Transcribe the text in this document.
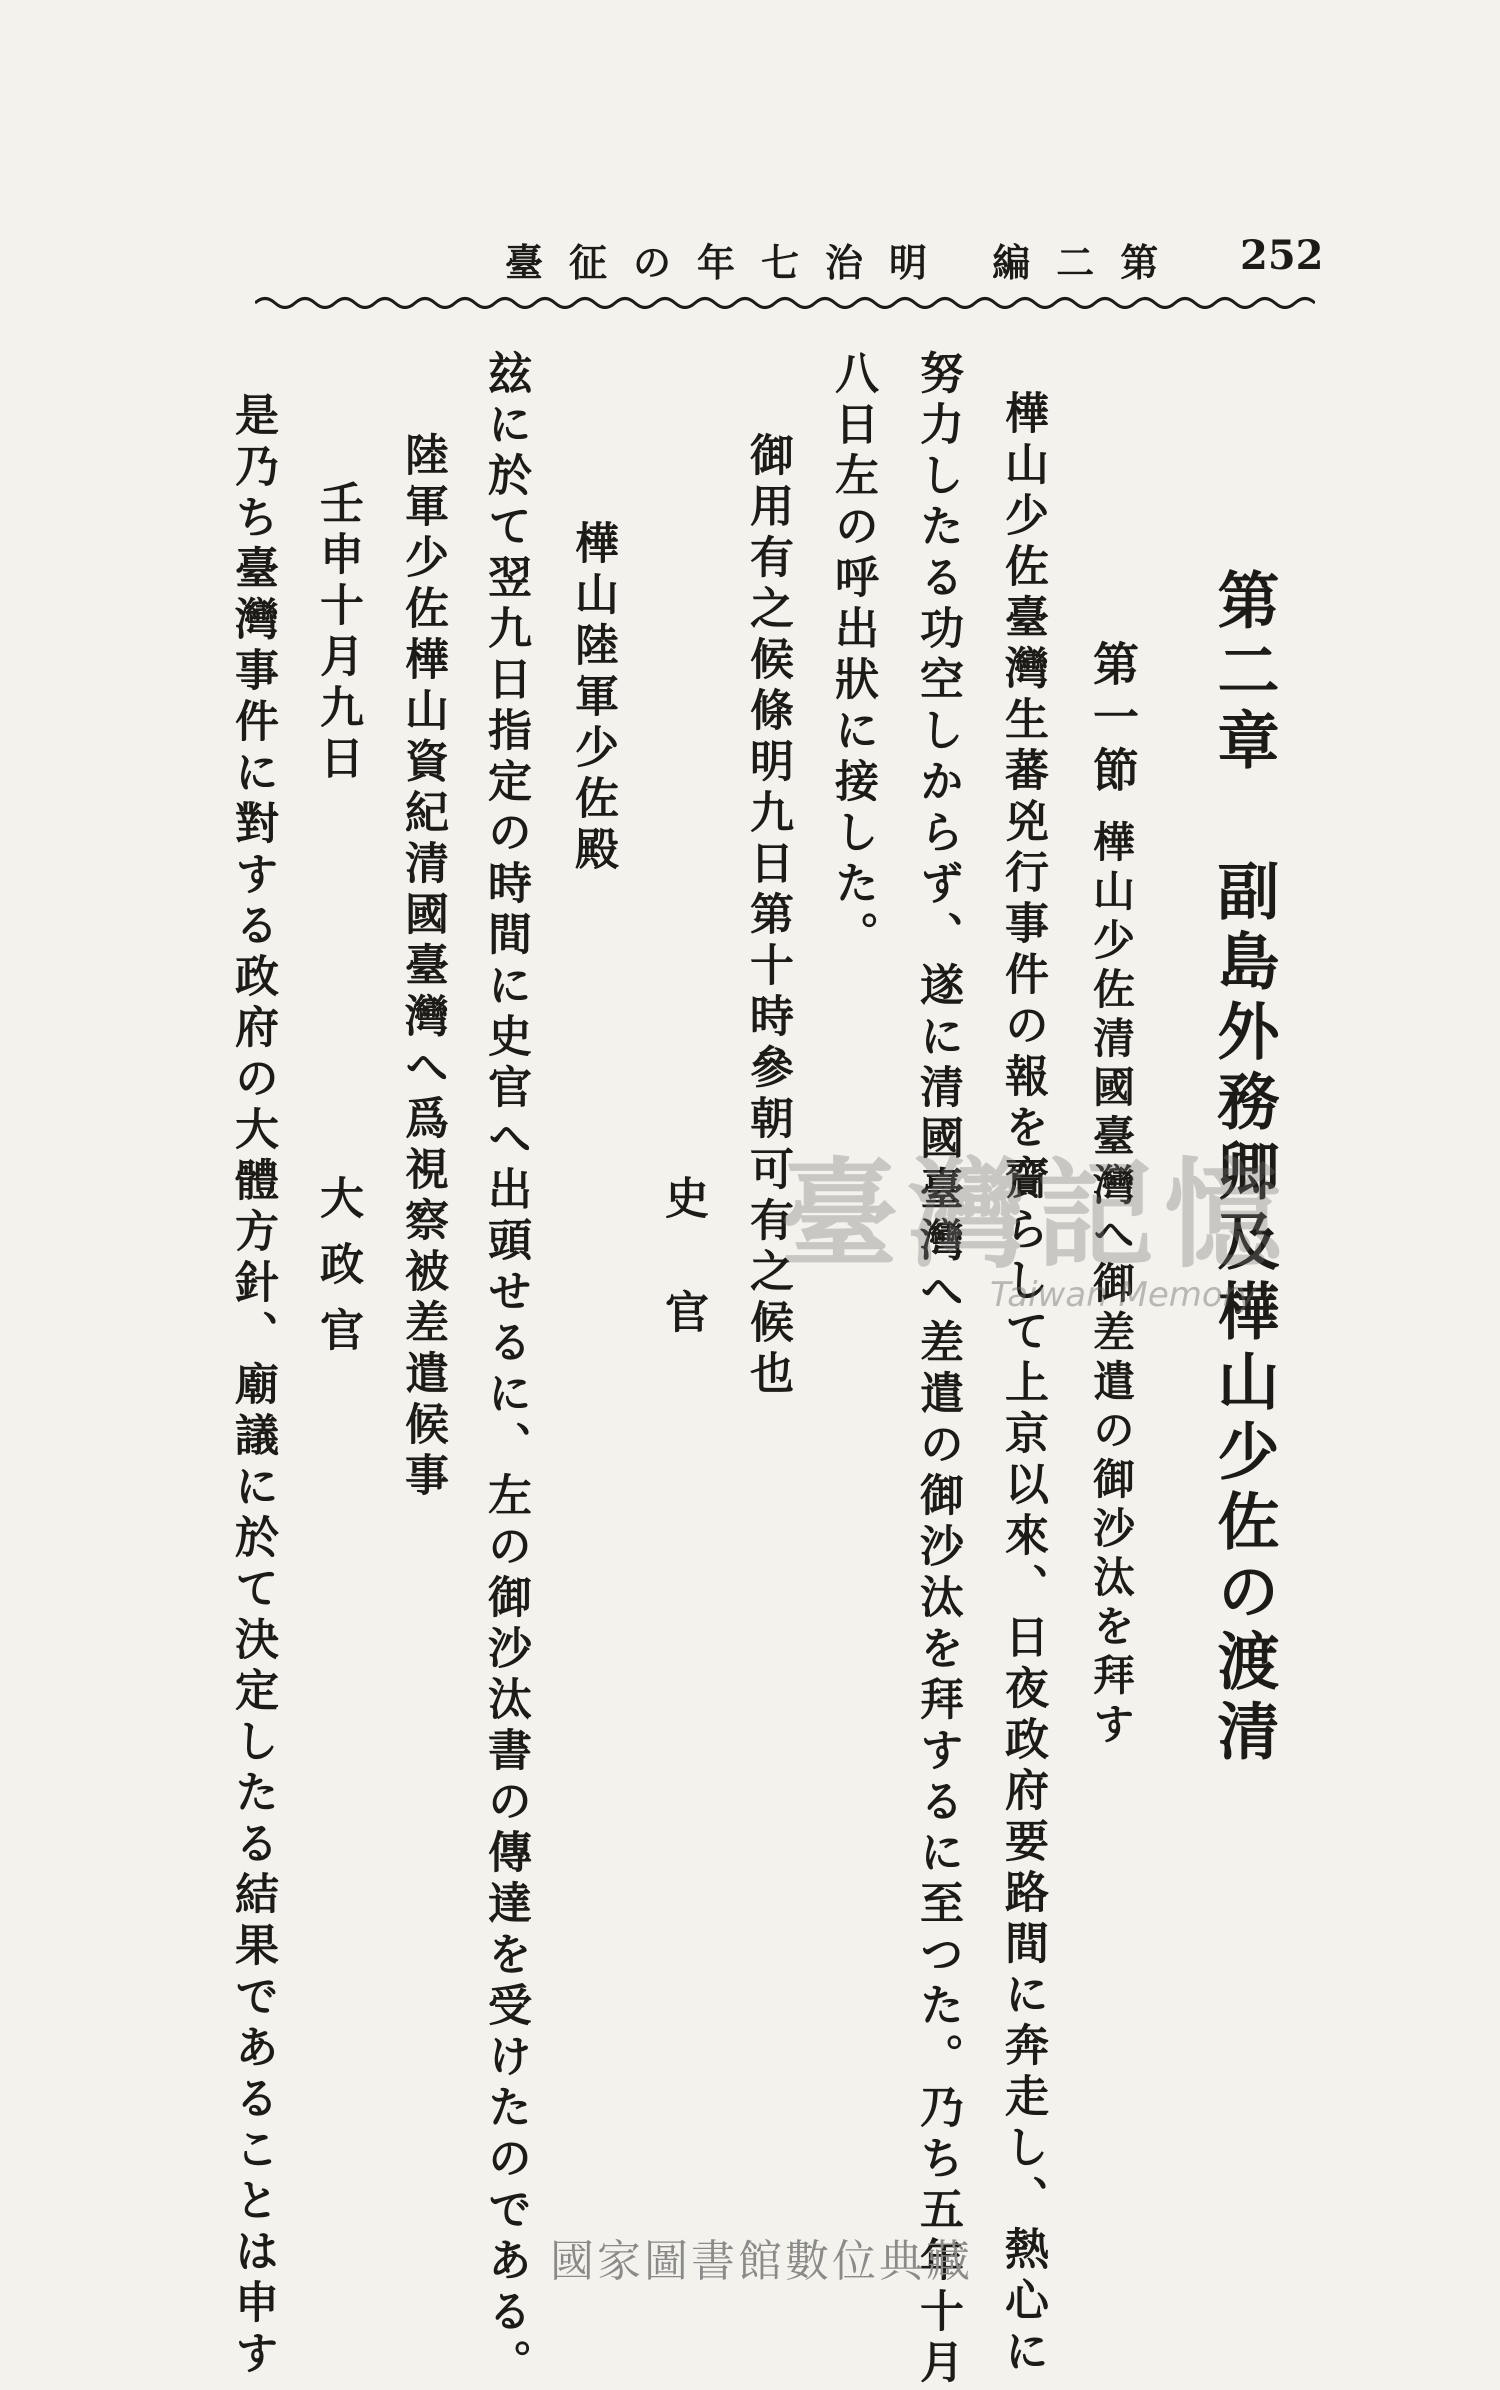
臺征の年七治明 編二第 252
第二章 副島外務卿及樺山少佐の渡清
第一節
樺山少佐清國臺灣へ御差遣の御沙汰を拜す
樺山少佐臺灣生蕃兇行事件の報を齎らして上京以來、日夜政府要路間に奔走し、熱心に
努力したる功空しからず、遂に清國臺灣へ差遣の御沙汰を拜するに至つた。乃ち五年十月
八日左の呼出狀に接した。
御用有之候條明九日第十時參朝可有之候也
史官
樺山陸軍少佐殿
玆に於て翌九日指定の時間に史官へ出頭せるに、左の御沙汰書の傳達を受けたのである。
陸軍少佐樺山資紀清國臺灣へ爲視察被差遣候事
壬申十月九日
大政官
是乃ち臺灣事件に對する政府の大體方針、廟議に於て決定したる結果であることは申す	臺灣記憶
Taiwan Memory
國家圖書館數位典藏
